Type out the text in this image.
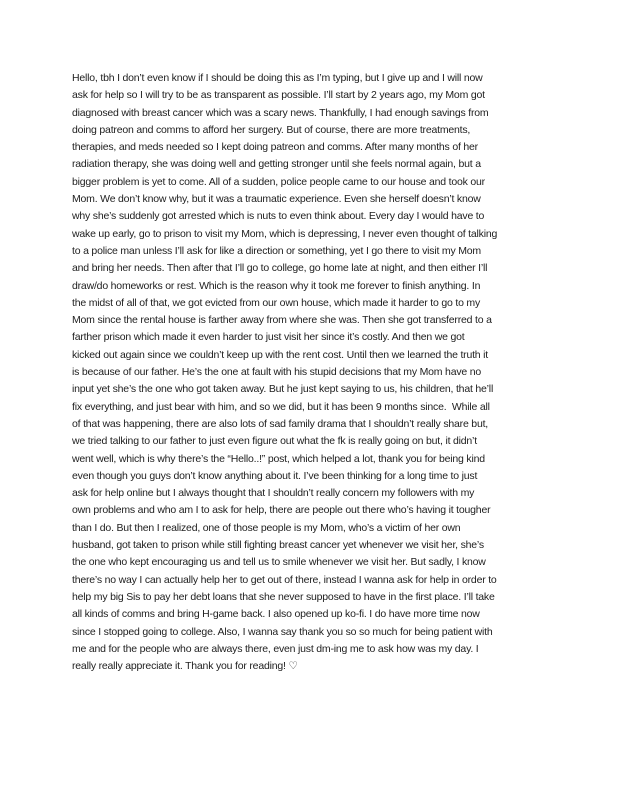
Hello, tbh I don’t even know if I should be doing this as I’m typing, but I give up and I will now
ask for help so I will try to be as transparent as possible. I’ll start by 2 years ago, my Mom got
diagnosed with breast cancer which was a scary news. Thankfully, I had enough savings from
doing patreon and comms to afford her surgery. But of course, there are more treatments,
therapies, and meds needed so I kept doing patreon and comms. After many months of her
radiation therapy, she was doing well and getting stronger until she feels normal again, but a
bigger problem is yet to come. All of a sudden, police people came to our house and took our
Mom. We don’t know why, but it was a traumatic experience. Even she herself doesn’t know
why she’s suddenly got arrested which is nuts to even think about. Every day I would have to
wake up early, go to prison to visit my Mom, which is depressing, I never even thought of talking
to a police man unless I’ll ask for like a direction or something, yet I go there to visit my Mom
and bring her needs. Then after that I’ll go to college, go home late at night, and then either I’ll
draw/do homeworks or rest. Which is the reason why it took me forever to finish anything. In
the midst of all of that, we got evicted from our own house, which made it harder to go to my
Mom since the rental house is farther away from where she was. Then she got transferred to a
farther prison which made it even harder to just visit her since it’s costly. And then we got
kicked out again since we couldn’t keep up with the rent cost. Until then we learned the truth it
is because of our father. He’s the one at fault with his stupid decisions that my Mom have no
input yet she’s the one who got taken away. But he just kept saying to us, his children, that he’ll
fix everything, and just bear with him, and so we did, but it has been 9 months since.  While all
of that was happening, there are also lots of sad family drama that I shouldn’t really share but,
we tried talking to our father to just even figure out what the fk is really going on but, it didn’t
went well, which is why there’s the “Hello..!” post, which helped a lot, thank you for being kind
even though you guys don’t know anything about it. I’ve been thinking for a long time to just
ask for help online but I always thought that I shouldn’t really concern my followers with my
own problems and who am I to ask for help, there are people out there who’s having it tougher
than I do. But then I realized, one of those people is my Mom, who’s a victim of her own
husband, got taken to prison while still fighting breast cancer yet whenever we visit her, she’s
the one who kept encouraging us and tell us to smile whenever we visit her. But sadly, I know
there’s no way I can actually help her to get out of there, instead I wanna ask for help in order to
help my big Sis to pay her debt loans that she never supposed to have in the first place. I’ll take
all kinds of comms and bring H-game back. I also opened up ko-fi. I do have more time now
since I stopped going to college. Also, I wanna say thank you so so much for being patient with
me and for the people who are always there, even just dm-ing me to ask how was my day. I
really really appreciate it. Thank you for reading! ♡
